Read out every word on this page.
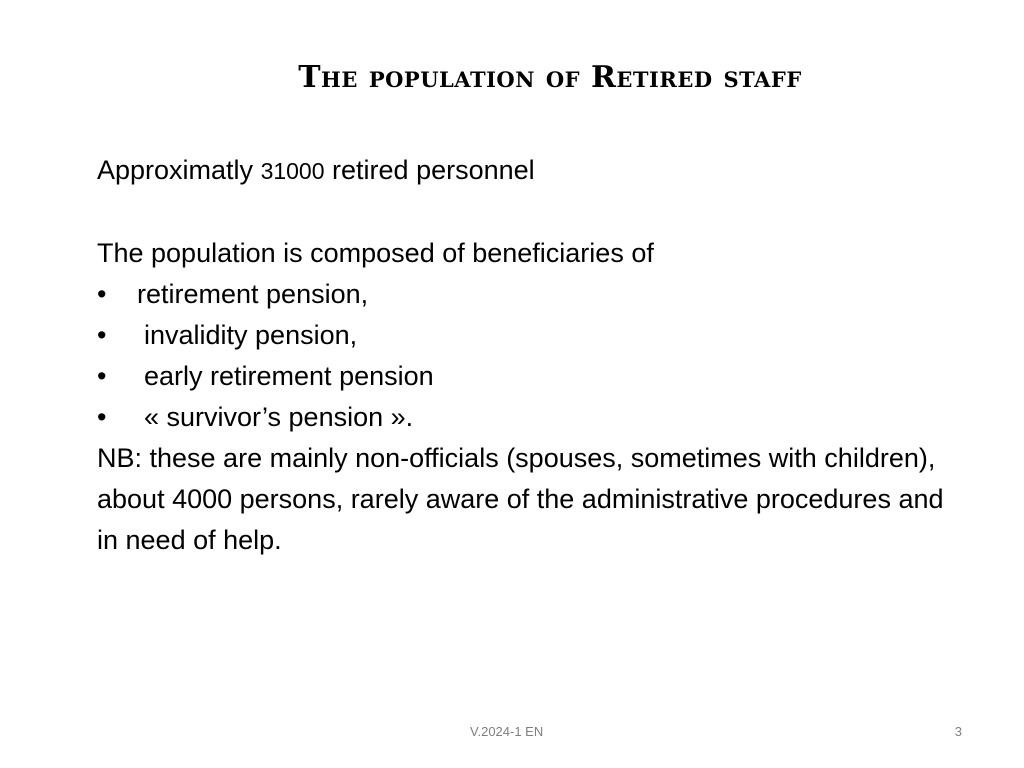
The population of Retired staff

Approximatly 31000 retired personnel

The population is composed of beneficiaries of

•	retirement pension,
•	invalidity pension,
•	early retirement pension
•	« survivor’s pension ».

NB: these are mainly non-officials (spouses, sometimes with children), about 4000 persons, rarely aware of the administrative procedures and in need of help.

V.2024-1 EN	3
